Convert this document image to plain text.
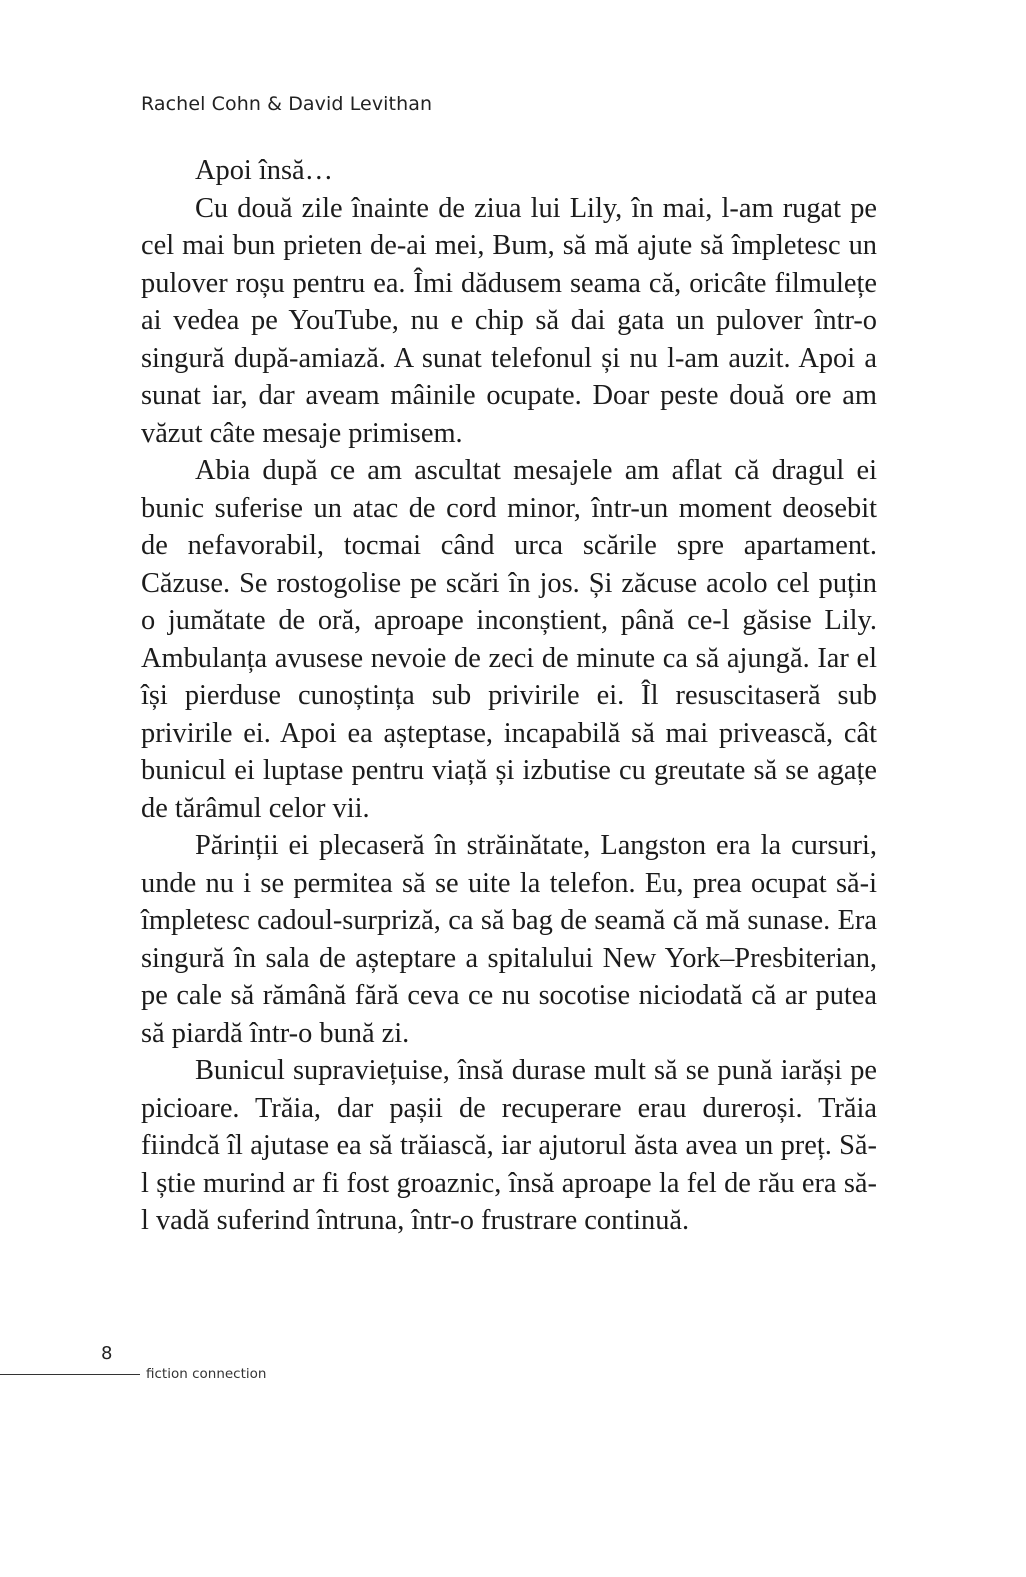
Rachel Cohn & David Levithan

Apoi însă…

Cu două zile înainte de ziua lui Lily, în mai, l-am rugat pe cel mai bun prieten de-ai mei, Bum, să mă ajute să împletesc un pulover roșu pentru ea. Îmi dădusem seama că, oricâte filmulețe ai vedea pe YouTube, nu e chip să dai gata un pulover într-o singură după-amiază. A sunat telefonul și nu l-am auzit. Apoi a sunat iar, dar aveam mâinile ocupate. Doar peste două ore am văzut câte mesaje primisem.

Abia după ce am ascultat mesajele am aflat că dragul ei bunic suferise un atac de cord minor, într-un moment deosebit de nefavorabil, tocmai când urca scările spre apartament. Căzuse. Se rostogolise pe scări în jos. Și zăcuse acolo cel puțin o jumătate de oră, aproape inconștient, până ce-l găsise Lily. Ambulanța avusese nevoie de zeci de minute ca să ajungă. Iar el își pierduse cunoștința sub privirile ei. Îl resuscitaseră sub privirile ei. Apoi ea așteptase, incapabilă să mai privească, cât bunicul ei luptase pentru viață și izbutise cu greutate să se agațe de tărâmul celor vii.

Părinții ei plecaseră în străinătate, Langston era la cursuri, unde nu i se permitea să se uite la telefon. Eu, prea ocupat să-i împletesc cadoul-surpriză, ca să bag de seamă că mă sunase. Era singură în sala de așteptare a spitalului New York–Presbiterian, pe cale să rămână fără ceva ce nu socotise niciodată că ar putea să piardă într-o bună zi.

Bunicul supraviețuise, însă durase mult să se pună iarăși pe picioare. Trăia, dar pașii de recuperare erau dureroși. Trăia fiindcă îl ajutase ea să trăiască, iar ajutorul ăsta avea un preț. Să-l știe murind ar fi fost groaznic, însă aproape la fel de rău era să-l vadă suferind întruna, într-o frustrare continuă.

8
fiction connection
